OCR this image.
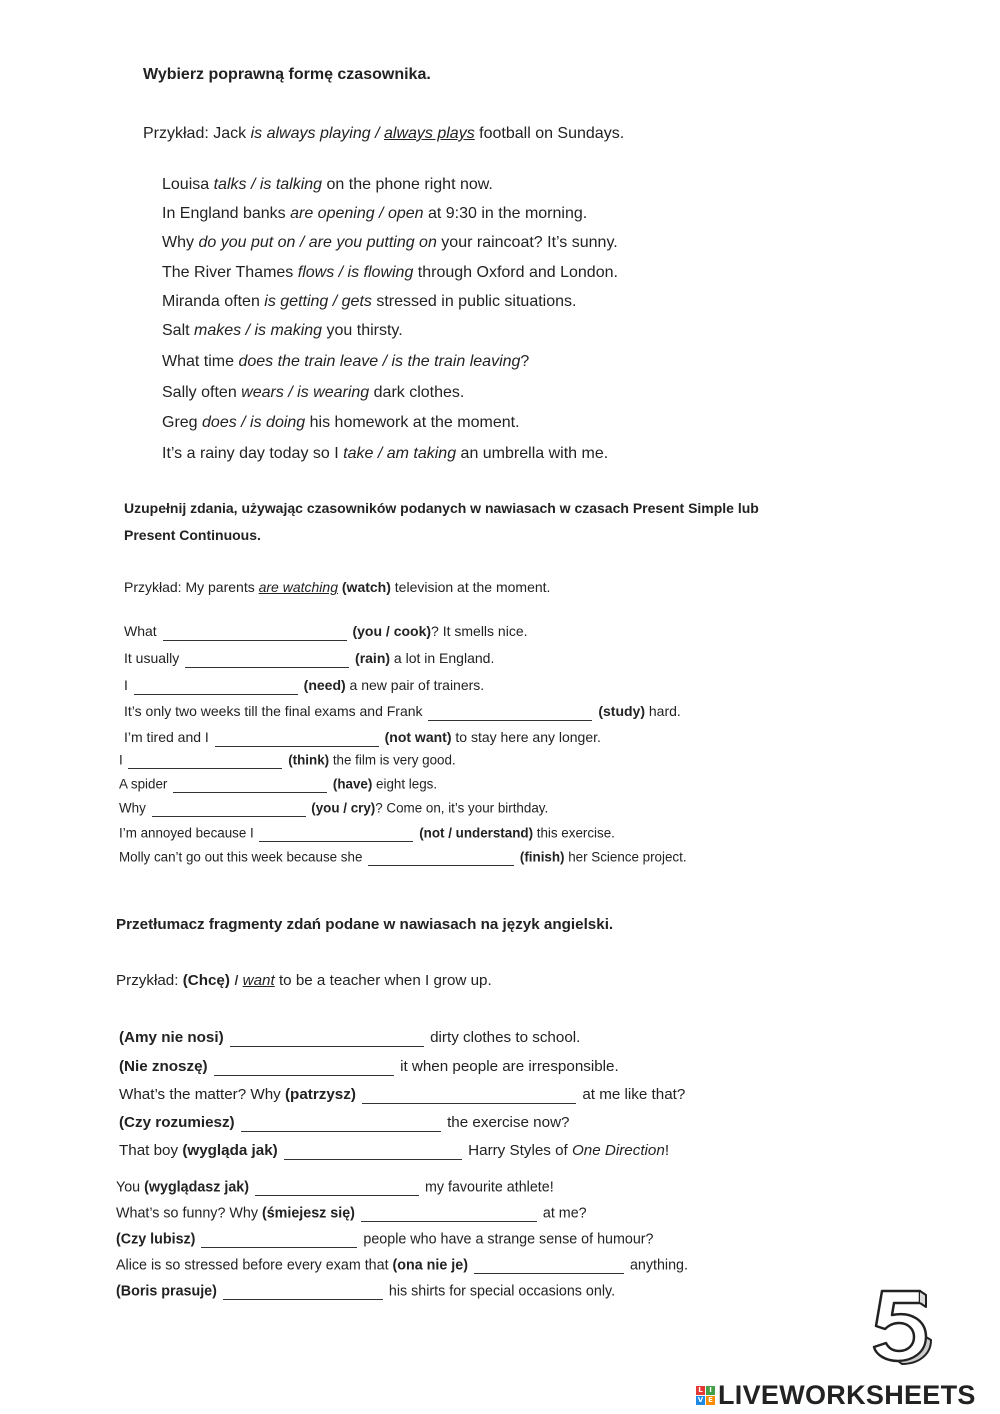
Wybierz poprawną formę czasownika.
Przykład: Jack is always playing / always plays football on Sundays.
Louisa talks / is talking on the phone right now.
In England banks are opening / open at 9:30 in the morning.
Why do you put on / are you putting on your raincoat? It’s sunny.
The River Thames flows / is flowing through Oxford and London.
Miranda often is getting / gets stressed in public situations.
Salt makes / is making you thirsty.
What time does the train leave / is the train leaving?
Sally often wears / is wearing dark clothes.
Greg does / is doing his homework at the moment.
It’s a rainy day today so I take / am taking an umbrella with me.
Uzupełnij zdania, używając czasowników podanych w nawiasach w czasach Present Simple lub
Present Continuous.
Przykład: My parents are watching (watch) television at the moment.
What	(you / cook)? It smells nice.
It usually	(rain) a lot in England.
I	(need) a new pair of trainers.
It’s only two weeks till the final exams and Frank	(study) hard.
I’m tired and I	(not want) to stay here any longer.
I	(think) the film is very good.
A spider	(have) eight legs.
Why	(you / cry)? Come on, it’s your birthday.
I’m annoyed because I	(not / understand) this exercise.
Molly can’t go out this week because she	(finish) her Science project.
Przetłumacz fragmenty zdań podane w nawiasach na język angielski.
Przykład: (Chcę) I want to be a teacher when I grow up.
(Amy nie nosi)	dirty clothes to school.
(Nie znoszę)	it when people are irresponsible.
What’s the matter? Why (patrzysz)	at me like that?
(Czy rozumiesz)	the exercise now?
That boy (wygląda jak)	Harry Styles of One Direction!
You (wyglądasz jak)	my favourite athlete!
What’s so funny? Why (śmiejesz się)	at me?
(Czy lubisz)	people who have a strange sense of humour?
Alice is so stressed before every exam that (ona nie je)	anything.
(Boris prasuje)	his shirts for special occasions only.
5
L I
V E LIVEWORKSHEETS
